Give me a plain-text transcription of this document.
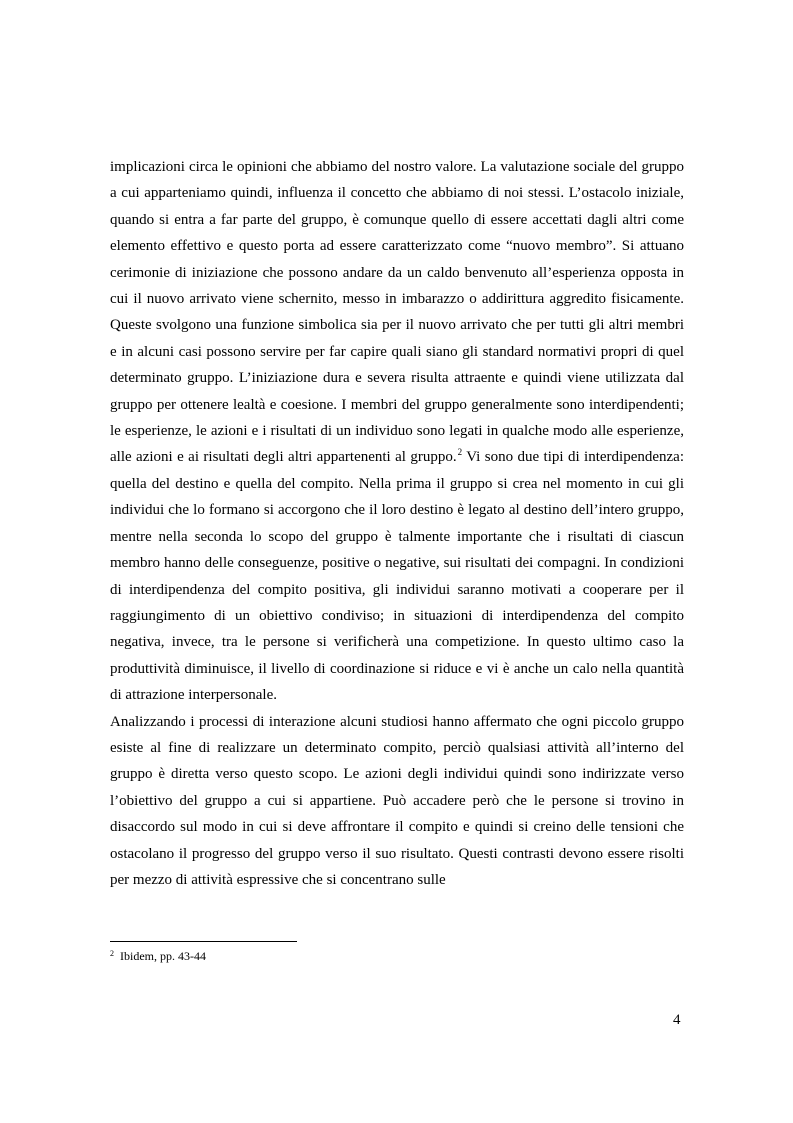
implicazioni circa le opinioni che abbiamo del nostro valore. La valutazione sociale del gruppo a cui apparteniamo quindi, influenza il concetto che abbiamo di noi stessi. L’ostacolo iniziale, quando si entra a far parte del gruppo, è comunque quello di essere accettati dagli altri come elemento effettivo e questo porta ad essere caratterizzato come “nuovo membro”. Si attuano cerimonie di iniziazione che possono andare da un caldo benvenuto all’esperienza opposta in cui il nuovo arrivato viene schernito, messo in imbarazzo o addirittura aggredito fisicamente. Queste svolgono una funzione simbolica sia per il nuovo arrivato che per tutti gli altri membri e in alcuni casi possono servire per far capire quali siano gli standard normativi propri di quel determinato gruppo. L’iniziazione dura e severa risulta attraente e quindi viene utilizzata dal gruppo per ottenere lealtà e coesione. I membri del gruppo generalmente sono interdipendenti; le esperienze, le azioni e i risultati di un individuo sono legati in qualche modo alle esperienze, alle azioni e ai risultati degli altri appartenenti al gruppo.$^2$ Vi sono due tipi di interdipendenza: quella del destino e quella del compito. Nella prima il gruppo si crea nel momento in cui gli individui che lo formano si accorgono che il loro destino è legato al destino dell’intero gruppo, mentre nella seconda lo scopo del gruppo è talmente importante che i risultati di ciascun membro hanno delle conseguenze, positive o negative, sui risultati dei compagni. In condizioni di interdipendenza del compito positiva, gli individui saranno motivati a cooperare per il raggiungimento di un obiettivo condiviso; in situazioni di interdipendenza del compito negativa, invece, tra le persone si verificherà una competizione. In questo ultimo caso la produttività diminuisce, il livello di coordinazione si riduce e vi è anche un calo nella quantità di attrazione interpersonale.

Analizzando i processi di interazione alcuni studiosi hanno affermato che ogni piccolo gruppo esiste al fine di realizzare un determinato compito, perciò qualsiasi attività all’interno del gruppo è diretta verso questo scopo. Le azioni degli individui quindi sono indirizzate verso l’obiettivo del gruppo a cui si appartiene. Può accadere però che le persone si trovino in disaccordo sul modo in cui si deve affrontare il compito e quindi si creino delle tensioni che ostacolano il progresso del gruppo verso il suo risultato. Questi contrasti devono essere risolti per mezzo di attività espressive che si concentrano sulle

$^2$ Ibidem, pp. 43-44
4
